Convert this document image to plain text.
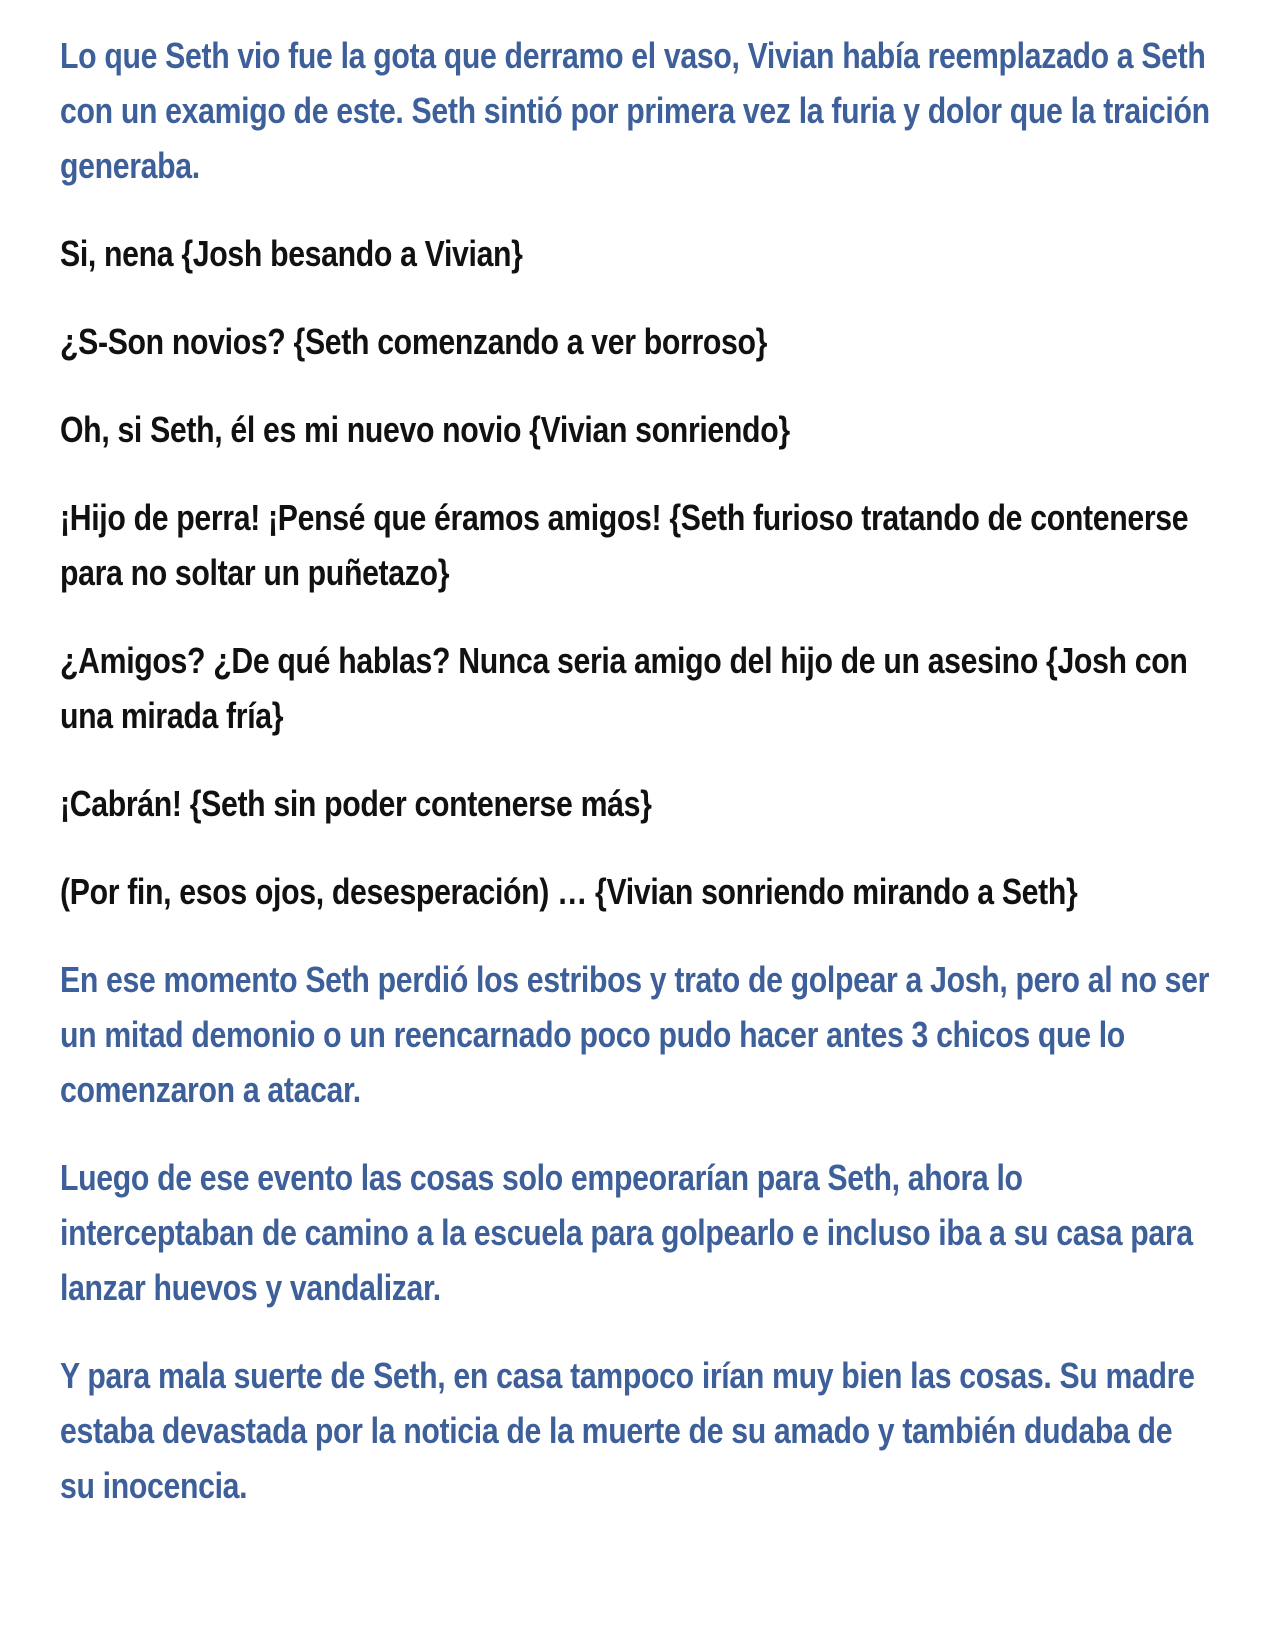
Lo que Seth vio fue la gota que derramo el vaso, Vivian había reemplazado a Seth con un examigo de este. Seth sintió por primera vez la furia y dolor que la traición generaba.

Si, nena {Josh besando a Vivian}

¿S-Son novios? {Seth comenzando a ver borroso}

Oh, si Seth, él es mi nuevo novio {Vivian sonriendo}

¡Hijo de perra! ¡Pensé que éramos amigos! {Seth furioso tratando de contenerse para no soltar un puñetazo}

¿Amigos? ¿De qué hablas? Nunca seria amigo del hijo de un asesino {Josh con una mirada fría}

¡Cabrán! {Seth sin poder contenerse más}

(Por fin, esos ojos, desesperación) … {Vivian sonriendo mirando a Seth}

En ese momento Seth perdió los estribos y trato de golpear a Josh, pero al no ser un mitad demonio o un reencarnado poco pudo hacer antes 3 chicos que lo comenzaron a atacar.

Luego de ese evento las cosas solo empeorarían para Seth, ahora lo interceptaban de camino a la escuela para golpearlo e incluso iba a su casa para lanzar huevos y vandalizar.

Y para mala suerte de Seth, en casa tampoco irían muy bien las cosas. Su madre estaba devastada por la noticia de la muerte de su amado y también dudaba de su inocencia.
